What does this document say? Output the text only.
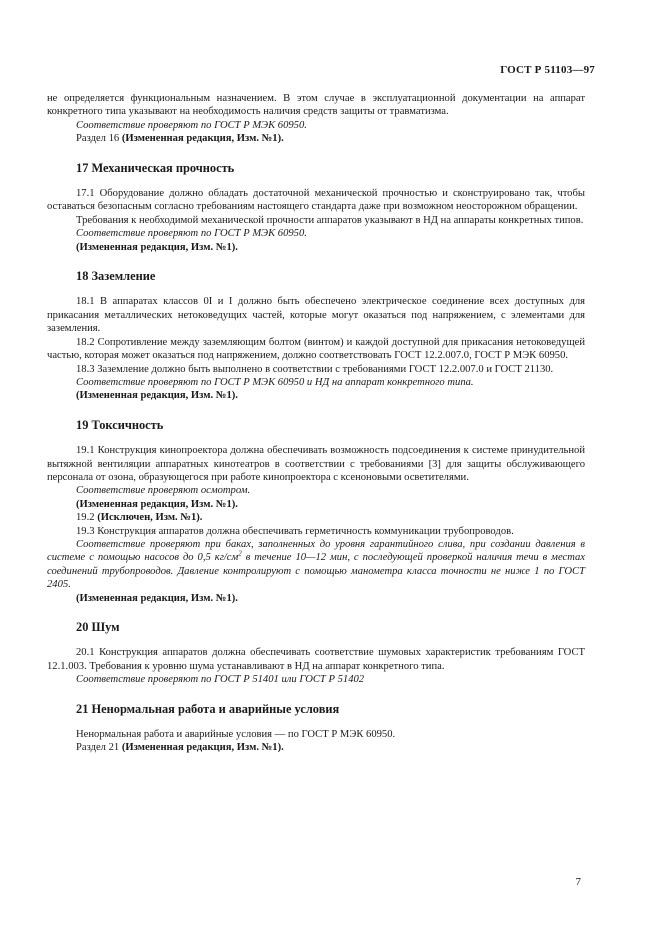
ГОСТ Р 51103—97

не определяется функциональным назначением. В этом случае в эксплуатационной документации на аппарат конкретного типа указывают на необходимость наличия средств защиты от травматизма.

Соответствие проверяют по ГОСТ Р МЭК 60950.

Раздел 16 (Измененная редакция, Изм. №1).

17 Механическая прочность

17.1 Оборудование должно обладать достаточной механической прочностью и сконструировано так, чтобы оставаться безопасным согласно требованиям настоящего стандарта даже при возможном неосторожном обращении.

Требования к необходимой механической прочности аппаратов указывают в НД на аппараты конкретных типов.

Соответствие проверяют по ГОСТ Р МЭК 60950.

(Измененная редакция, Изм. №1).

18 Заземление

18.1 В аппаратах классов 0I и I должно быть обеспечено электрическое соединение всех доступных для прикасания металлических нетоковедущих частей, которые могут оказаться под напряжением, с элементами для заземления.

18.2 Сопротивление между заземляющим болтом (винтом) и каждой доступной для прикасания нетоковедущей частью, которая может оказаться под напряжением, должно соответствовать ГОСТ 12.2.007.0, ГОСТ Р МЭК 60950.

18.3 Заземление должно быть выполнено в соответствии с требованиями ГОСТ 12.2.007.0 и ГОСТ 21130.

Соответствие проверяют по ГОСТ Р МЭК 60950 и НД на аппарат конкретного типа.

(Измененная редакция, Изм. №1).

19 Токсичность

19.1 Конструкция кинопроектора должна обеспечивать возможность подсоединения к системе принудительной вытяжной вентиляции аппаратных кинотеатров в соответствии с требованиями [3] для защиты обслуживающего персонала от озона, образующегося при работе кинопроектора с ксеноновыми осветителями.

Соответствие проверяют осмотром.

(Измененная редакция, Изм. №1).

19.2 (Исключен, Изм. №1).

19.3 Конструкция аппаратов должна обеспечивать герметичность коммуникации трубопроводов.

Соответствие проверяют при баках, заполненных до уровня гарантийного слива, при создании давления в системе с помощью насосов до 0,5 $кг/см^2$ в течение 10—12 мин, с последующей проверкой наличия течи в местах соединений трубопроводов. Давление контролируют с помощью манометра класса точности не ниже 1 по ГОСТ 2405.

(Измененная редакция, Изм. №1).

20 Шум

20.1 Конструкция аппаратов должна обеспечивать соответствие шумовых характеристик требованиям ГОСТ 12.1.003. Требования к уровню шума устанавливают в НД на аппарат конкретного типа.

Соответствие проверяют по ГОСТ Р 51401 или ГОСТ Р 51402

21 Ненормальная работа и аварийные условия

Ненормальная работа и аварийные условия — по ГОСТ Р МЭК 60950.

Раздел 21 (Измененная редакция, Изм. №1).

7
